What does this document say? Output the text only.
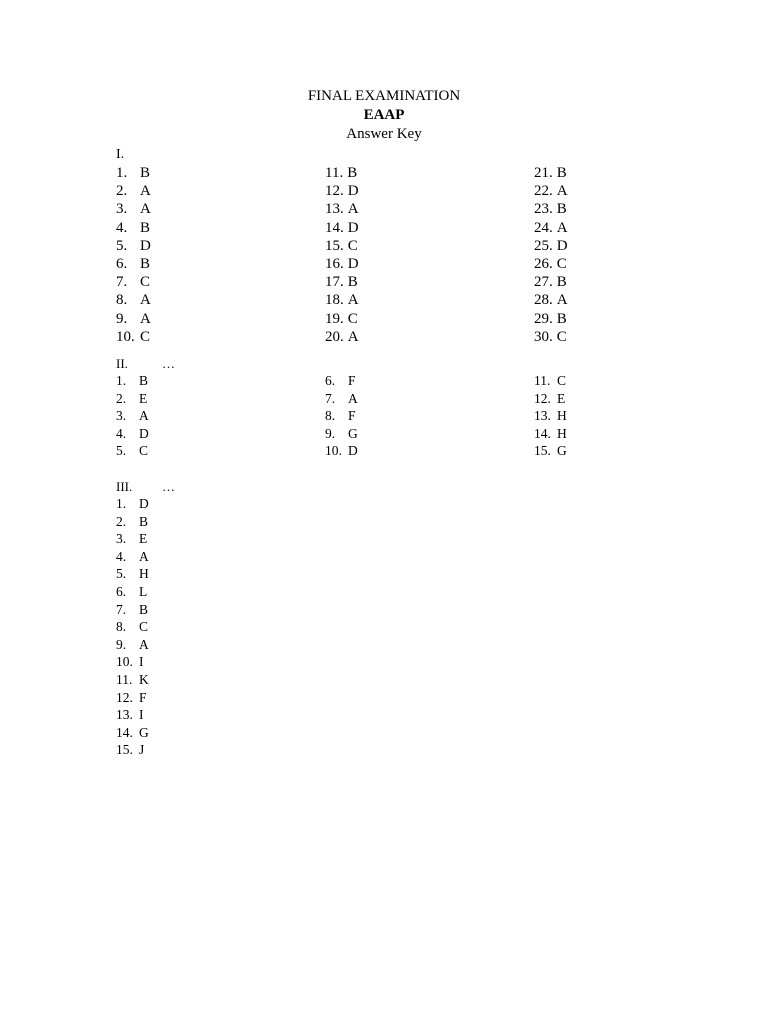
FINAL EXAMINATION
EAAP
Answer Key
I.
1. B
2. A
3. A
4. B
5. D
6. B
7. C
8. A
9. A
10. C
11. B
12. D
13. A
14. D
15. C
16. D
17. B
18. A
19. C
20. A
21. B
22. A
23. B
24. A
25. D
26. C
27. B
28. A
29. B
30. C
II.	…
1. B
2. E
3. A
4. D
5. C
6. F
7. A
8. F
9. G
10. D
11. C
12. E
13. H
14. H
15. G
III. …
1. D
2. B
3. E
4. A
5. H
6. L
7. B
8. C
9. A
10. I
11. K
12. F
13. I
14. G
15. J
